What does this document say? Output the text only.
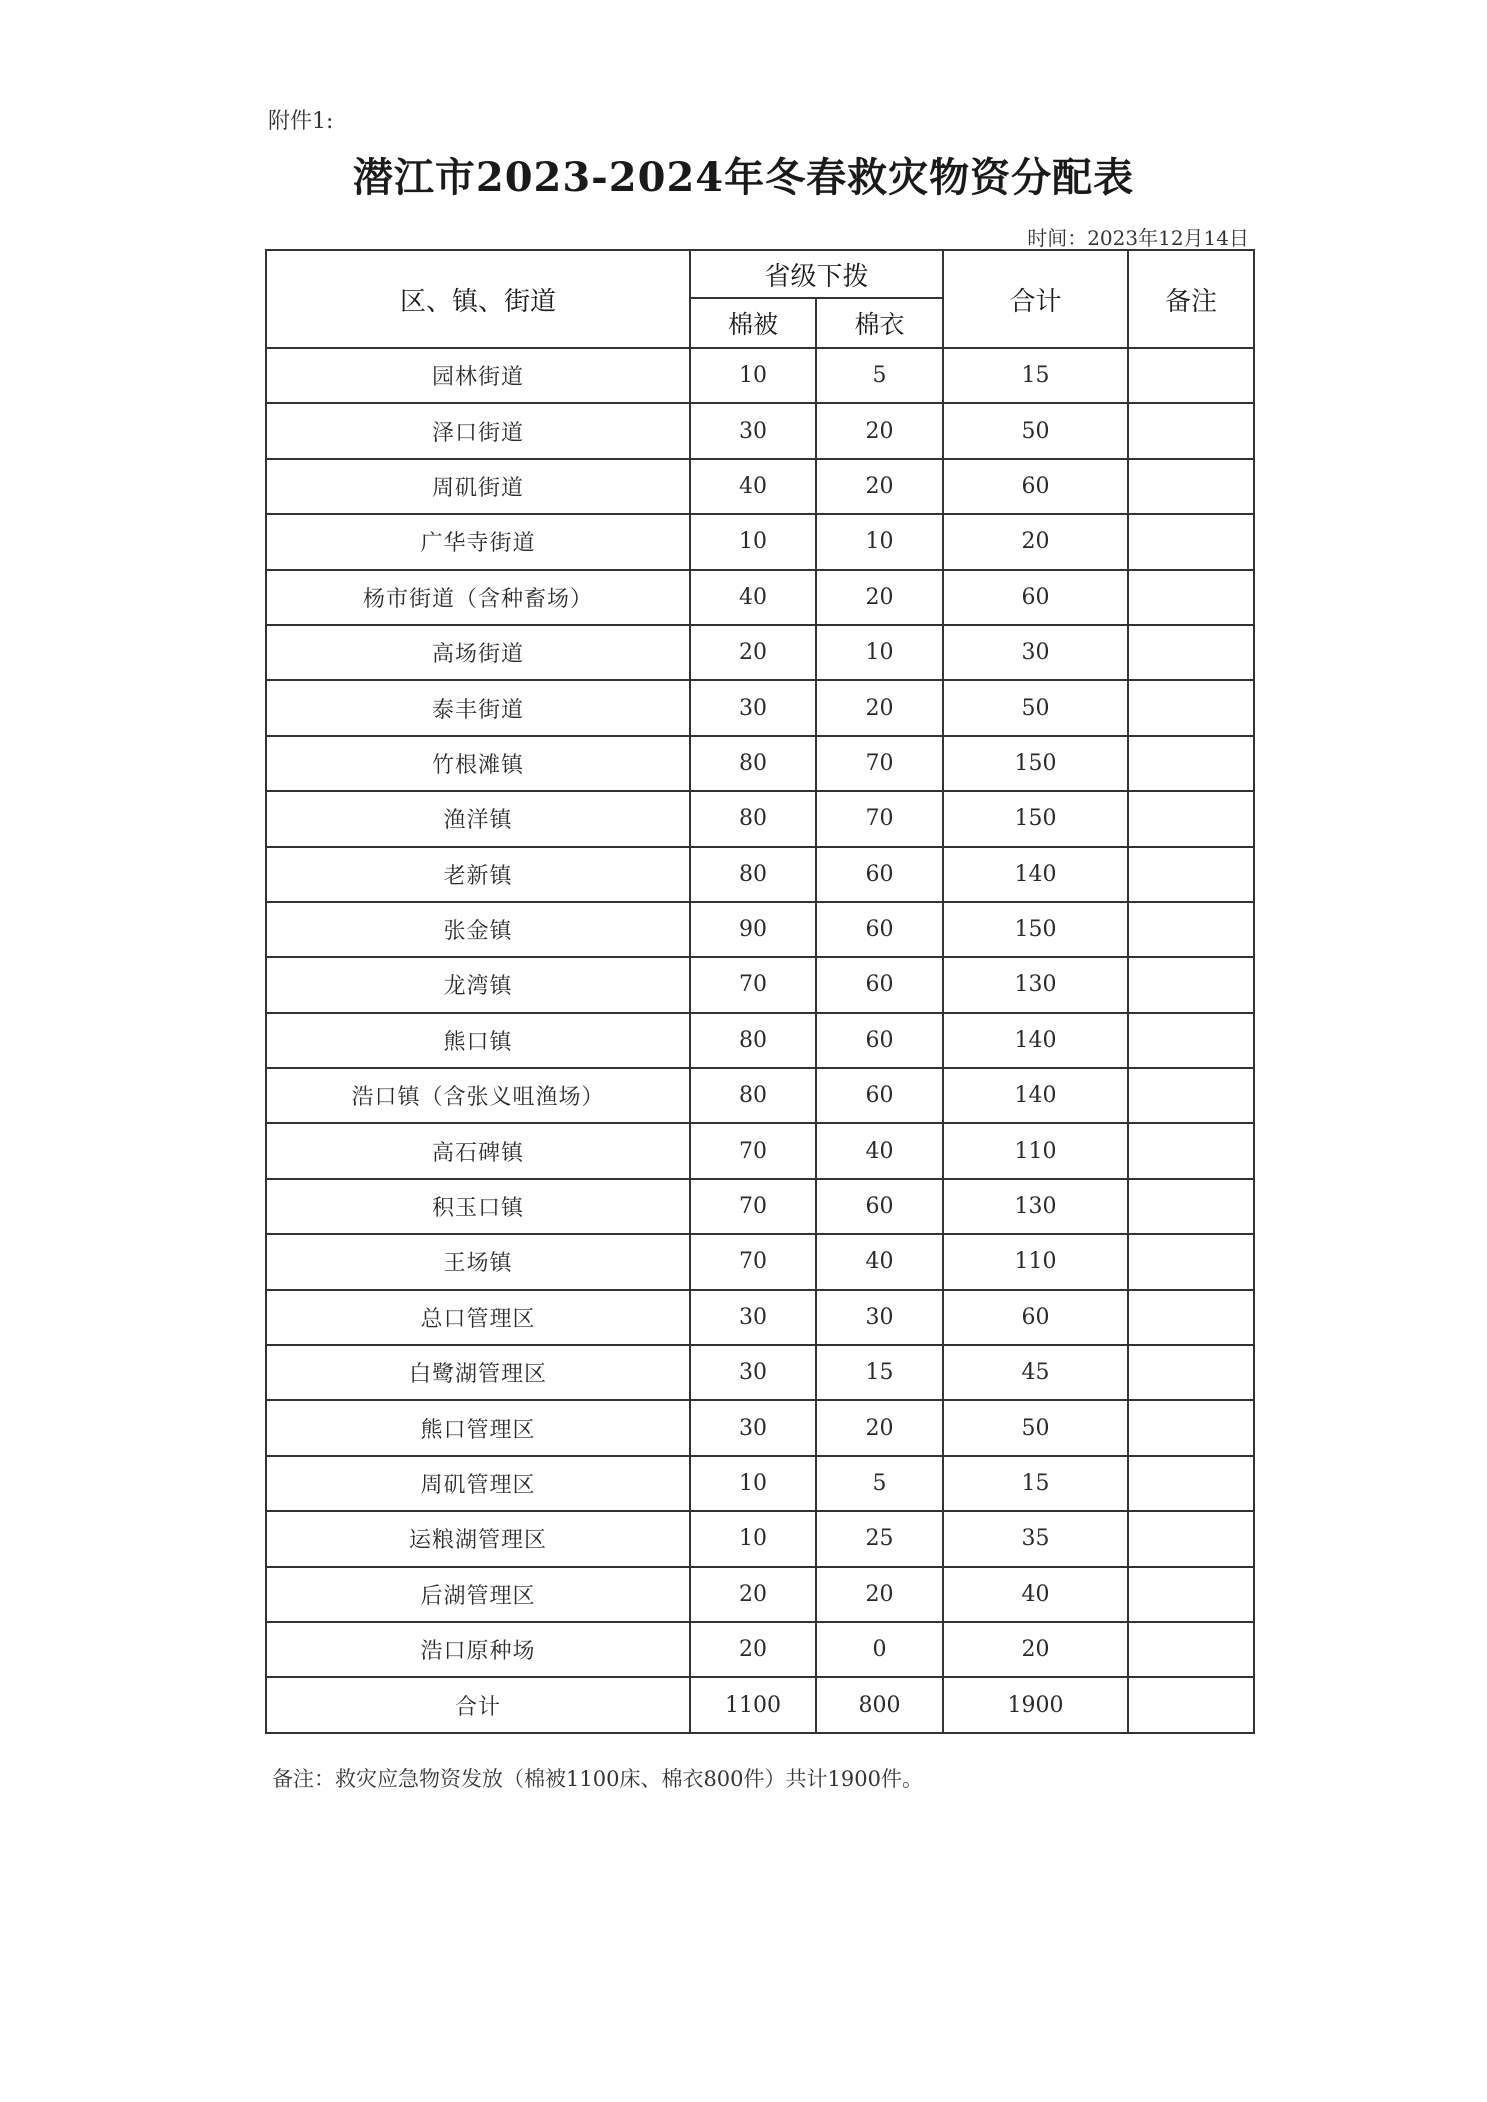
附件1:
潜江市2023-2024年冬春救灾物资分配表
时间：2023年12月14日
区、镇、街道	省级下拨		合计	备注
	棉被	棉衣		
园林街道	10	5	15	
泽口街道	30	20	50	
周矶街道	40	20	60	
广华寺街道	10	10	20	
杨市街道（含种畜场）	40	20	60	
高场街道	20	10	30	
泰丰街道	30	20	50	
竹根滩镇	80	70	150	
渔洋镇	80	70	150	
老新镇	80	60	140	
张金镇	90	60	150	
龙湾镇	70	60	130	
熊口镇	80	60	140	
浩口镇（含张义咀渔场）	80	60	140	
高石碑镇	70	40	110	
积玉口镇	70	60	130	
王场镇	70	40	110	
总口管理区	30	30	60	
白鹭湖管理区	30	15	45	
熊口管理区	30	20	50	
周矶管理区	10	5	15	
运粮湖管理区	10	25	35	
后湖管理区	20	20	40	
浩口原种场	20	0	20	
合计	1100	800	1900	
备注：救灾应急物资发放（棉被1100床、棉衣800件）共计1900件。
